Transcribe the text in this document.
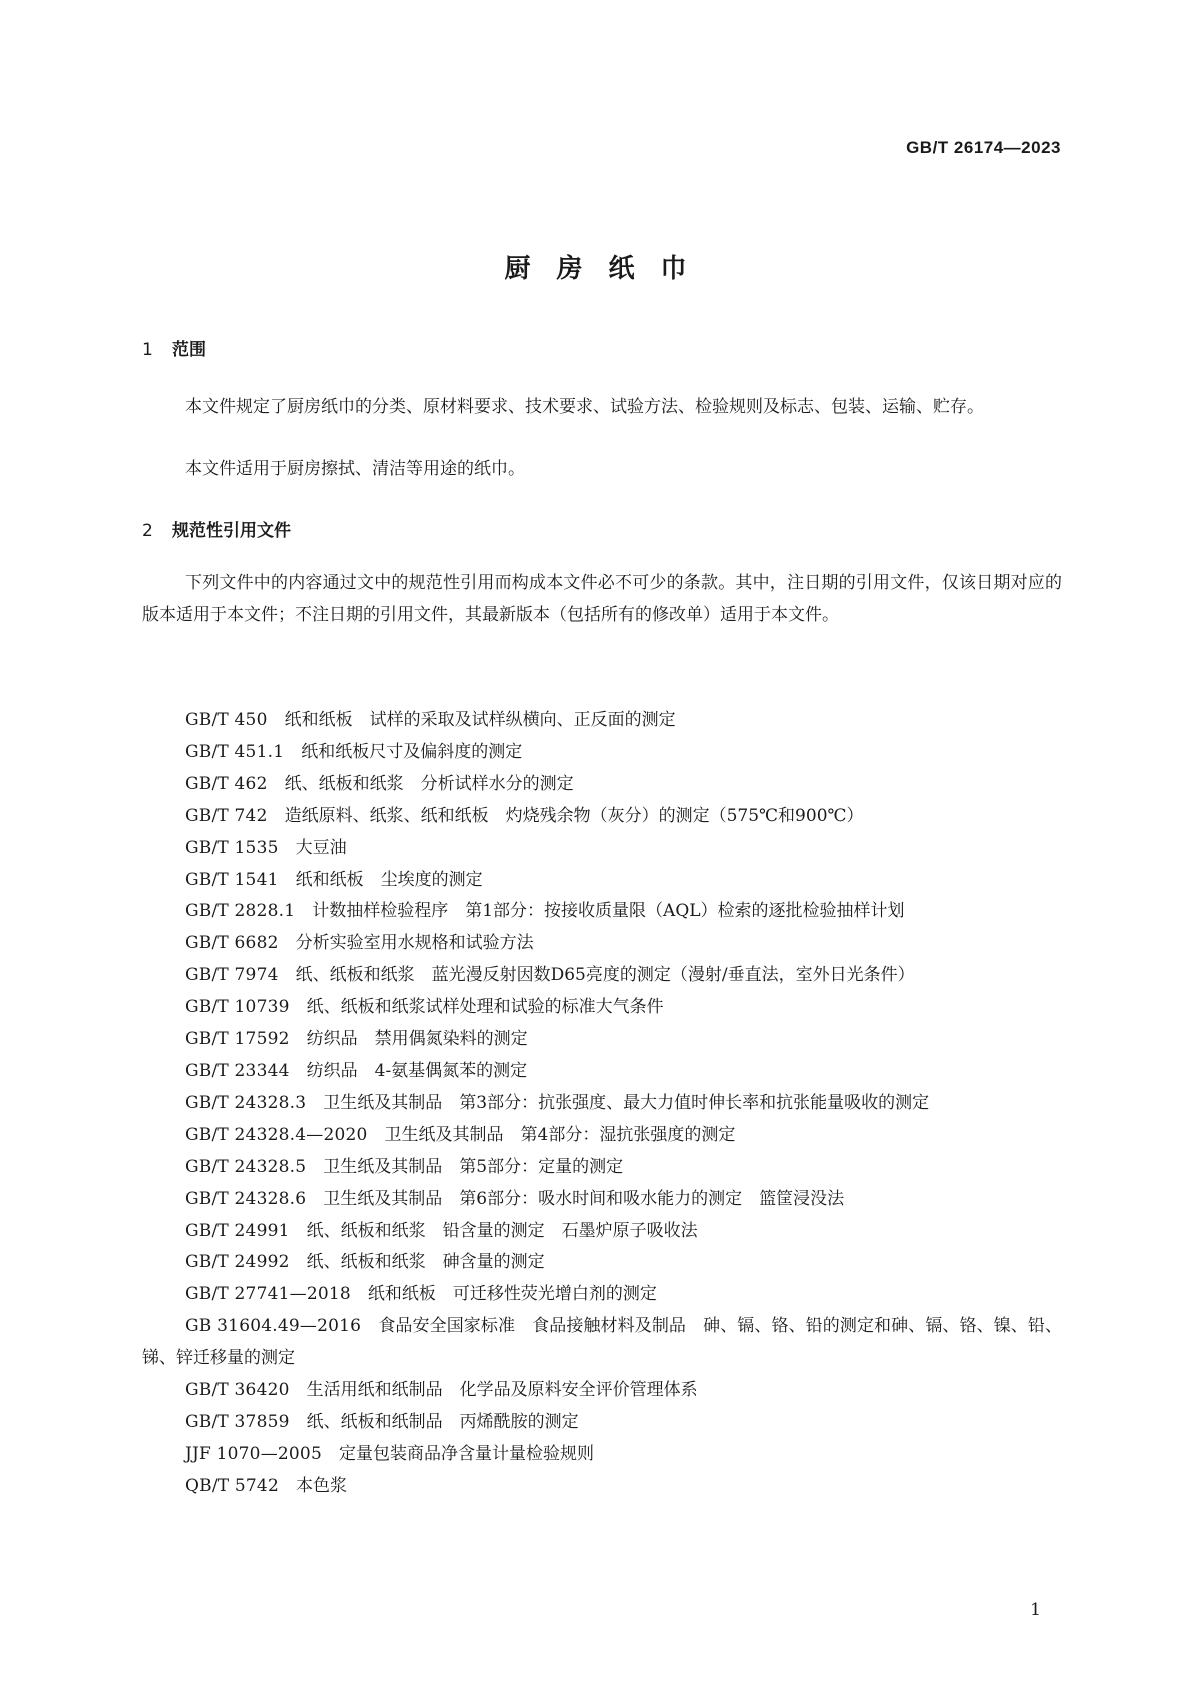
GB/T 26174—2023
厨 房 纸 巾
1 范围
本文件规定了厨房纸巾的分类、原材料要求、技术要求、试验方法、检验规则及标志、包装、运输、贮存。
本文件适用于厨房擦拭、清洁等用途的纸巾。
2 规范性引用文件
下列文件中的内容通过文中的规范性引用而构成本文件必不可少的条款。其中，注日期的引用文件，仅该日期对应的版本适用于本文件；不注日期的引用文件，其最新版本（包括所有的修改单）适用于本文件。
GB/T 450　 纸和纸板　试样的采取及试样纵横向、正反面的测定
GB/T 451.1　 纸和纸板尺寸及偏斜度的测定
GB/T 462　 纸、纸板和纸浆　分析试样水分的测定
GB/T 742　 造纸原料、纸浆、纸和纸板　灼烧残余物（灰分）的测定（575℃和900℃）
GB/T 1535　 大豆油
GB/T 1541　 纸和纸板　尘埃度的测定
GB/T 2828.1　 计数抽样检验程序　第1部分：按接收质量限（AQL）检索的逐批检验抽样计划
GB/T 6682　 分析实验室用水规格和试验方法
GB/T 7974　 纸、纸板和纸浆　蓝光漫反射因数D65亮度的测定（漫射/垂直法，室外日光条件）
GB/T 10739　 纸、纸板和纸浆试样处理和试验的标准大气条件
GB/T 17592　 纺织品　禁用偶氮染料的测定
GB/T 23344　 纺织品　4-氨基偶氮苯的测定
GB/T 24328.3　 卫生纸及其制品　第3部分：抗张强度、最大力值时伸长率和抗张能量吸收的测定
GB/T 24328.4—2020　 卫生纸及其制品　第4部分：湿抗张强度的测定
GB/T 24328.5　 卫生纸及其制品　第5部分：定量的测定
GB/T 24328.6　 卫生纸及其制品　第6部分：吸水时间和吸水能力的测定　篮筐浸没法
GB/T 24991　 纸、纸板和纸浆　铅含量的测定　石墨炉原子吸收法
GB/T 24992　 纸、纸板和纸浆　砷含量的测定
GB/T 27741—2018　 纸和纸板　可迁移性荧光增白剂的测定
GB 31604.49—2016　 食品安全国家标准　食品接触材料及制品　砷、镉、铬、铅的测定和砷、镉、铬、镍、铅、锑、锌迁移量的测定
GB/T 36420　 生活用纸和纸制品　化学品及原料安全评价管理体系
GB/T 37859　 纸、纸板和纸制品　丙烯酰胺的测定
JJF 1070—2005　 定量包装商品净含量计量检验规则
QB/T 5742　 本色浆
1
